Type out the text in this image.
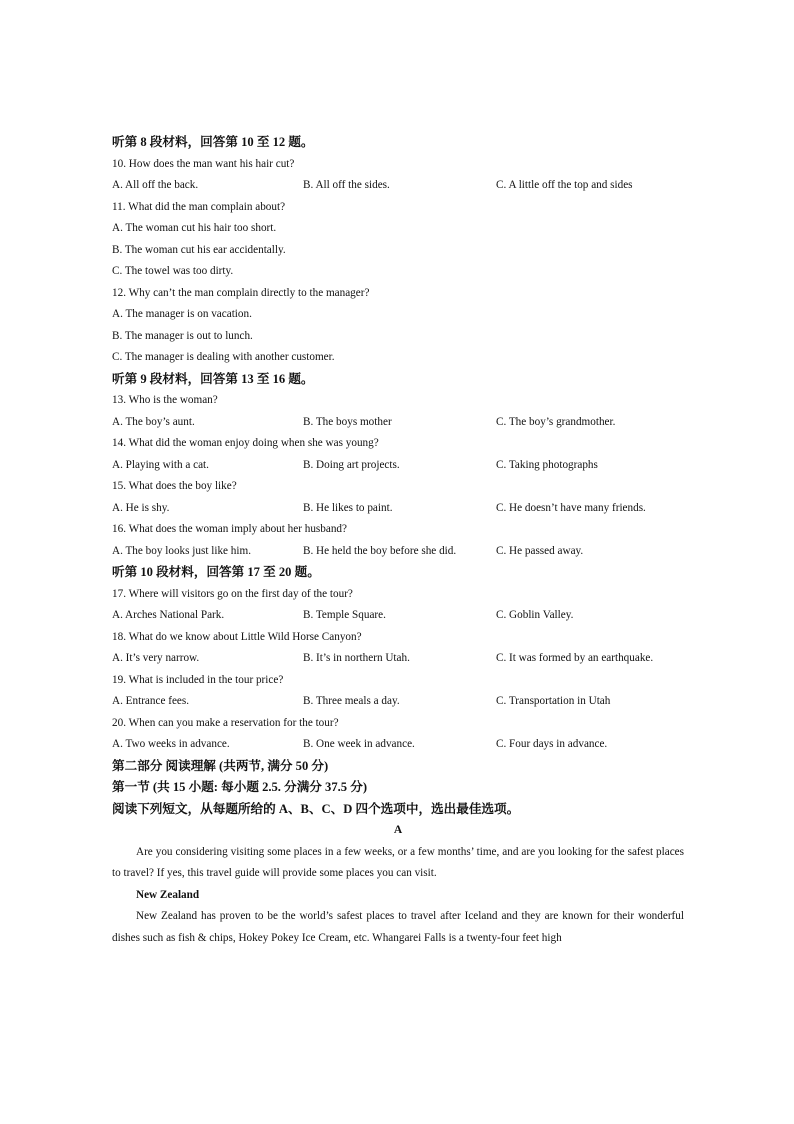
听第 8 段材料，回答第 10 至 12 题。
10. How does the man want his hair cut?
A. All off the back.	B. All off the sides.	C. A little off the top and sides
11. What did the man complain about?
A. The woman cut his hair too short.
B. The woman cut his ear accidentally.
C. The towel was too dirty.
12. Why can’t the man complain directly to the manager?
A. The manager is on vacation.
B. The manager is out to lunch.
C. The manager is dealing with another customer.
听第 9 段材料，回答第 13 至 16 题。
13. Who is the woman?
A. The boy’s aunt.	B. The boys mother	C. The boy’s grandmother.
14. What did the woman enjoy doing when she was young?
A. Playing with a cat.	B. Doing art projects.	C. Taking photographs
15. What does the boy like?
A. He is shy.	B. He likes to paint.	C. He doesn’t have many friends.
16. What does the woman imply about her husband?
A. The boy looks just like him.	B. He held the boy before she did.	C. He passed away.
听第 10 段材料，回答第 17 至 20 题。
17. Where will visitors go on the first day of the tour?
A. Arches National Park.	B. Temple Square.	C. Goblin Valley.
18. What do we know about Little Wild Horse Canyon?
A. It’s very narrow.	B. It’s in northern Utah.	C. It was formed by an earthquake.
19. What is included in the tour price?
A. Entrance fees.	B. Three meals a day.	C. Transportation in Utah
20. When can you make a reservation for the tour?
A. Two weeks in advance.	B. One week in advance.	C. Four days in advance.
第二部分 阅读理解 (共两节, 满分 50 分)
第一节 (共 15 小题: 每小题 2.5. 分满分 37.5 分)
阅读下列短文，从每题所给的 A、B、C、D 四个选项中，选出最佳选项。
A
Are you considering visiting some places in a few weeks, or a few months’ time, and are you looking for the safest places to travel? If yes, this travel guide will provide some places you can visit.
New Zealand
New Zealand has proven to be the world’s safest places to travel after Iceland and they are known for their wonderful dishes such as fish & chips, Hokey Pokey Ice Cream, etc. Whangarei Falls is a twenty-four feet high
